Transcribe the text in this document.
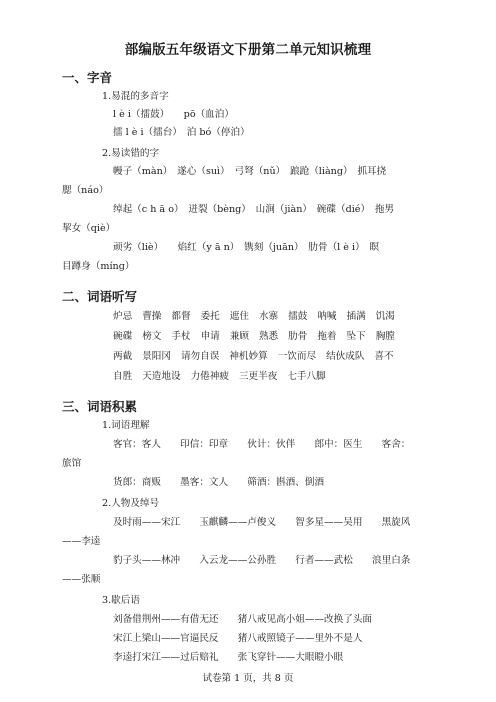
部编版五年级语文下册第二单元知识梳理
一、字音
1.易混的多音字
l è i（擂鼓）　　pō（血泊）
擂 l è i（擂台）　泊 bó（停泊）
2.易读错的字
幔子（màn）　遂心（suì）　弓弩（nǔ）　踉跄（liàng）　抓耳挠
腮（náo）
绰起（c h ā o）　迸裂（bèng）　山涧（jiàn）　碗碟（dié）　拖男
挈女（qiè）
顽劣（liè）　　焰红（y ā n）　镌刻（juān）　肋骨（l è i）　瞑
目蹲身（míng）
二、词语听写
炉忌 曹操 都督 委托 遮住 水寨 擂鼓 呐喊 插满 饥渴
碗碟 榜文 手杖 申请 兼顾 熟悉 肋骨 拖着 坠下 胸膛
两截 景阳冈 请勿自误 神机妙算 一饮而尽 结伙成队 喜不
自胜 天造地设 力倦神疲 三更半夜 七手八脚
三、词语积累
1.词语理解
客官：客人　　印信：印章　　伙计：伙伴　　郎中：医生　　客舍：
旅馆
货郎：商贩　　墨客：文人　　筛酒：斟酒、倒酒
2.人物及绰号
及时雨——宋江　　玉麒麟——卢俊义　　智多星——吴用　　黑旋风
——李逵
豹子头——林冲　　入云龙——公孙胜　　行者——武松　　浪里白条
——张顺
3.歇后语
刘备借荆州——有借无还　　猪八戒见高小姐——改换了头面
宋江上梁山——官逼民反　　猪八戒照镜子——里外不是人
李逵打宋江——过后赔礼　　张飞穿针——大眼瞪小眼
试卷第 1 页，共 8 页
